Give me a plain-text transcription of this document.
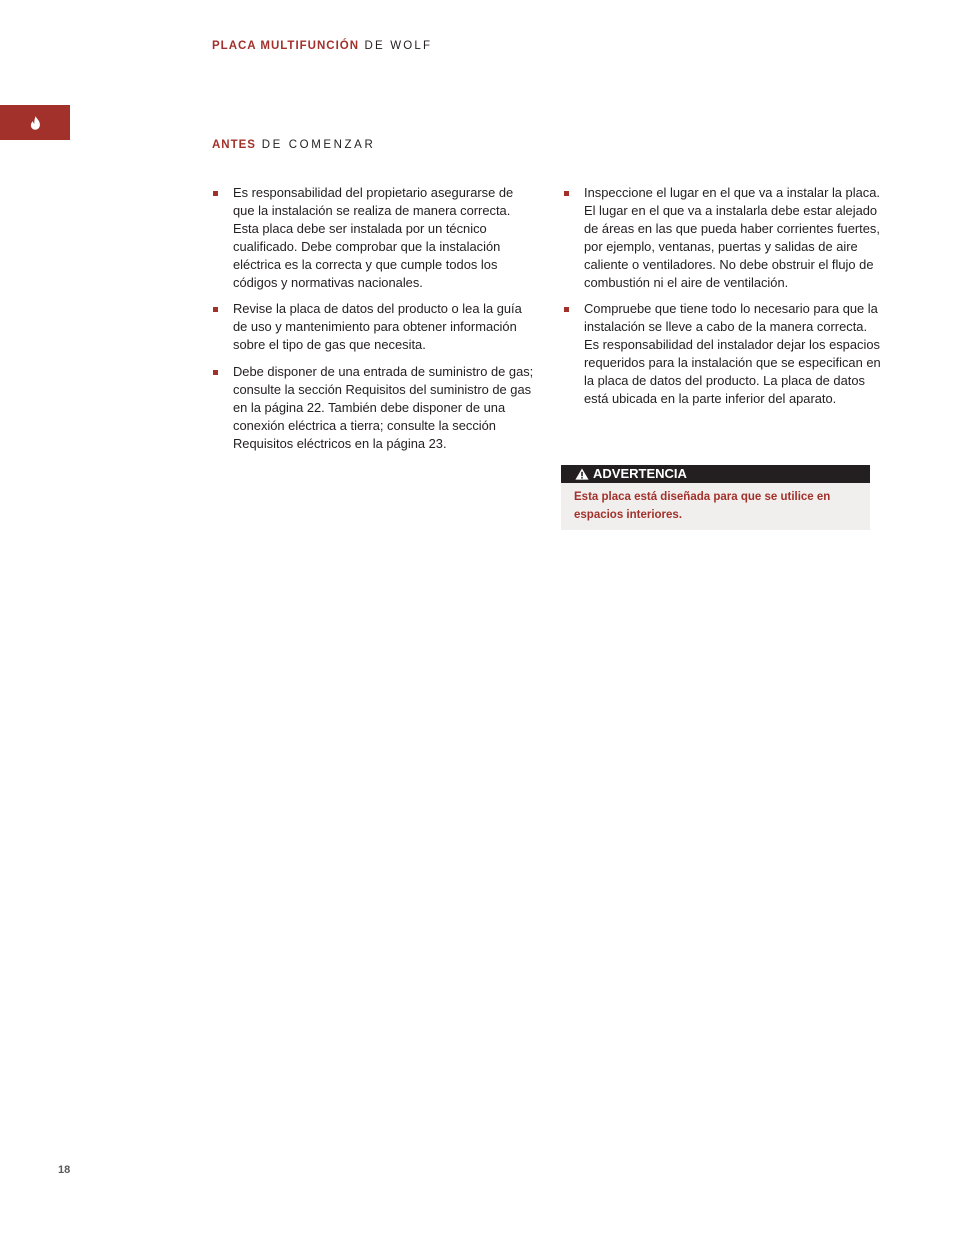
PLACA MULTIFUNCIÓN DE WOLF
ANTES DE COMENZAR
Es responsabilidad del propietario asegurarse de que la instalación se realiza de manera correcta. Esta placa debe ser instalada por un técnico cualificado. Debe comprobar que la instalación eléctrica es la correcta y que cumple todos los códigos y normativas nacionales.
Revise la placa de datos del producto o lea la guía de uso y mantenimiento para obtener información sobre el tipo de gas que necesita.
Debe disponer de una entrada de suministro de gas; consulte la sección Requisitos del suministro de gas en la página 22. También debe disponer de una conexión eléctrica a tierra; consulte la sección Requisitos eléctricos en la página 23.
Inspeccione el lugar en el que va a instalar la placa. El lugar en el que va a instalarla debe estar alejado de áreas en las que pueda haber corrientes fuertes, por ejemplo, ventanas, puertas y salidas de aire caliente o ventiladores. No debe obstruir el flujo de combustión ni el aire de ventilación.
Compruebe que tiene todo lo necesario para que la instalación se lleve a cabo de la manera correcta. Es responsabilidad del instalador dejar los espacios requeridos para la instalación que se especifican en la placa de datos del producto. La placa de datos está ubicada en la parte inferior del aparato.
ADVERTENCIA
Esta placa está diseñada para que se utilice en espacios interiores.
18
